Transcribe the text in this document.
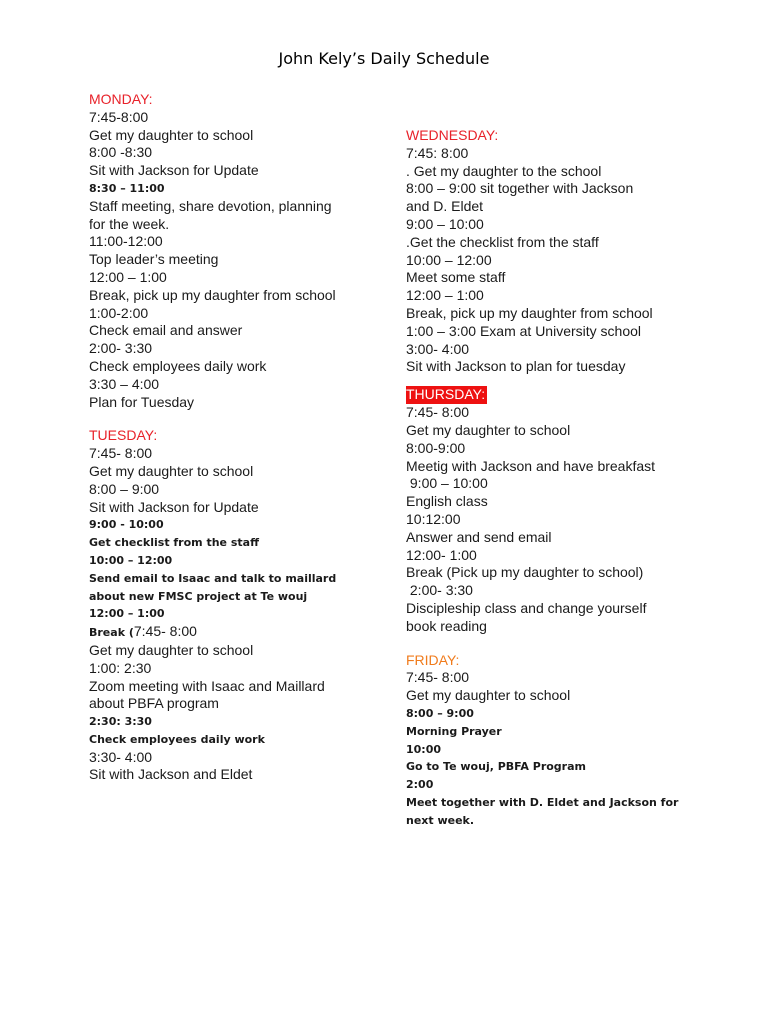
John Kely’s Daily Schedule
MONDAY:
7:45-8:00
Get my daughter to school
8:00 -8:30
Sit with Jackson for Update
8:30 – 11:00
Staff meeting, share devotion, planning
for the week.
11:00-12:00
Top leader’s meeting
12:00 – 1:00
Break, pick up my daughter from school
1:00-2:00
Check email and answer
2:00- 3:30
Check employees daily work
3:30 – 4:00
Plan for Tuesday
TUESDAY:
7:45- 8:00
Get my daughter to school
8:00 – 9:00
Sit with Jackson for Update
9:00 - 10:00
Get checklist from the staff
10:00 – 12:00
Send email to Isaac and talk to maillard
about new FMSC project at Te wouj
12:00 – 1:00
Break (7:45- 8:00
Get my daughter to school
1:00: 2:30
Zoom meeting with Isaac and Maillard
about PBFA program
2:30: 3:30
Check employees daily work
3:30- 4:00
Sit with Jackson and Eldet
WEDNESDAY:
7:45: 8:00
. Get my daughter to the school
8:00 – 9:00 sit together with Jackson
and D. Eldet
9:00 – 10:00
.Get the checklist from the staff
10:00 – 12:00
Meet some staff
12:00 – 1:00
Break, pick up my daughter from school
1:00 – 3:00 Exam at University school
3:00- 4:00
Sit with Jackson to plan for tuesday
THURSDAY:
7:45- 8:00
Get my daughter to school
8:00-9:00
Meetig with Jackson and have breakfast
9:00 – 10:00
English class
10:12:00
Answer and send email
12:00- 1:00
Break (Pick up my daughter to school)
2:00- 3:30
Discipleship class and change yourself
book reading
FRIDAY:
7:45- 8:00
Get my daughter to school
8:00 – 9:00
Morning Prayer
10:00
Go to Te wouj, PBFA Program
2:00
Meet together with D. Eldet and Jackson for
next week.
